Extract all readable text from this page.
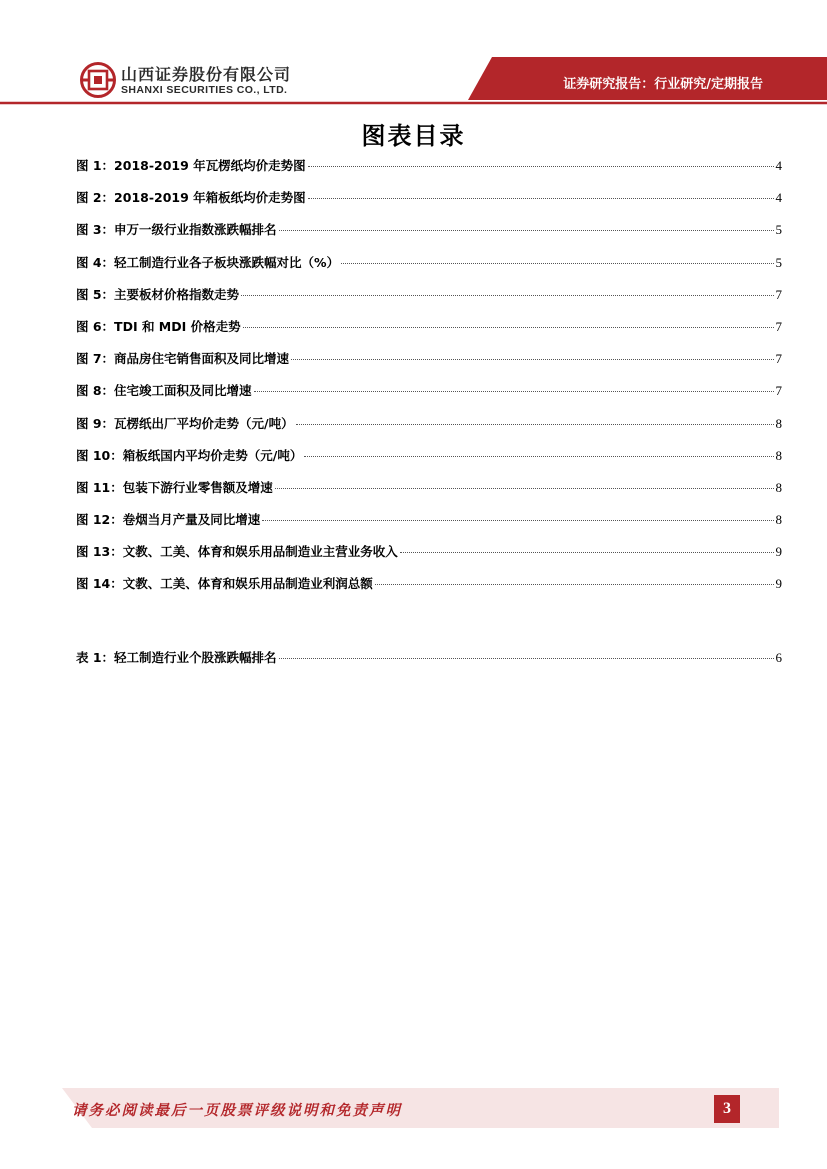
山西证券股份有限公司
SHANXI SECURITIES CO., LTD.	证券研究报告：行业研究/定期报告
图表目录
图 1：2018-2019 年瓦楞纸均价走势图	4
图 2：2018-2019 年箱板纸均价走势图	4
图 3：申万一级行业指数涨跌幅排名	5
图 4：轻工制造行业各子板块涨跌幅对比（%）	5
图 5：主要板材价格指数走势	7
图 6：TDI 和 MDI 价格走势	7
图 7：商品房住宅销售面积及同比增速	7
图 8：住宅竣工面积及同比增速	7
图 9：瓦楞纸出厂平均价走势（元/吨）	8
图 10：箱板纸国内平均价走势（元/吨）	8
图 11：包装下游行业零售额及增速	8
图 12：卷烟当月产量及同比增速	8
图 13：文教、工美、体育和娱乐用品制造业主营业务收入	9
图 14：文教、工美、体育和娱乐用品制造业利润总额	9
表 1：轻工制造行业个股涨跌幅排名	6
请务必阅读最后一页股票评级说明和免责声明	3
